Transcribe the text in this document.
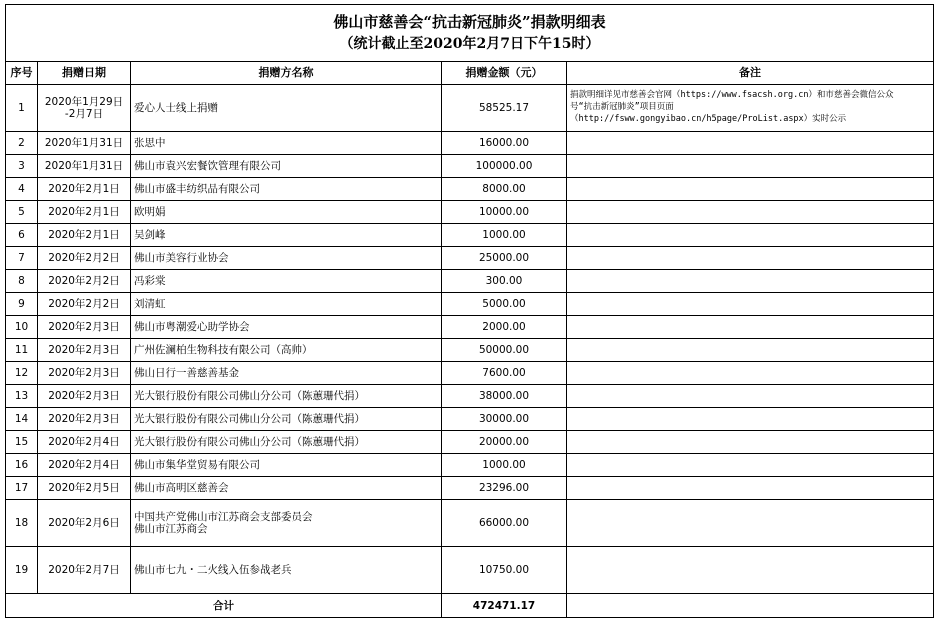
佛山市慈善会“抗击新冠肺炎”捐款明细表
（统计截止至2020年2月7日下午15时）				

序号	捐赠日期	捐赠方名称	捐赠金额（元）	备注
1	2020年1月29日
-2月7日	爱心人士线上捐赠	58525.17	捐款明细详见市慈善会官网（https://www.fsacsh.org.cn）和市慈善会微信公众
号“抗击新冠肺炎”项目页面
（http://fsww.gongyibao.cn/h5page/ProList.aspx）实时公示

2	2020年1月31日	张思中	16000.00	
3	2020年1月31日	佛山市袁兴宏餐饮管理有限公司	100000.00	
4	2020年2月1日	佛山市盛丰纺织品有限公司	8000.00	
5	2020年2月1日	欧明娟	10000.00	
6	2020年2月1日	吴剑峰	1000.00	
7	2020年2月2日	佛山市美容行业协会	25000.00	
8	2020年2月2日	冯彩棠	300.00	
9	2020年2月2日	刘清虹	5000.00	
10	2020年2月3日	佛山市粤潮爱心助学协会	2000.00	
11	2020年2月3日	广州佐澜柏生物科技有限公司（高帅）	50000.00	
12	2020年2月3日	佛山日行一善慈善基金	7600.00	
13	2020年2月3日	光大银行股份有限公司佛山分公司（陈蕙珊代捐）	38000.00	
14	2020年2月3日	光大银行股份有限公司佛山分公司（陈蕙珊代捐）	30000.00	
15	2020年2月4日	光大银行股份有限公司佛山分公司（陈蕙珊代捐）	20000.00	
16	2020年2月4日	佛山市集华堂贸易有限公司	1000.00	
17	2020年2月5日	佛山市高明区慈善会	23296.00	
18	2020年2月6日	中国共产党佛山市江苏商会支部委员会
佛山市江苏商会	66000.00	
19	2020年2月7日	佛山市七九・二火线入伍参战老兵	10750.00	
合计			472471.17	
